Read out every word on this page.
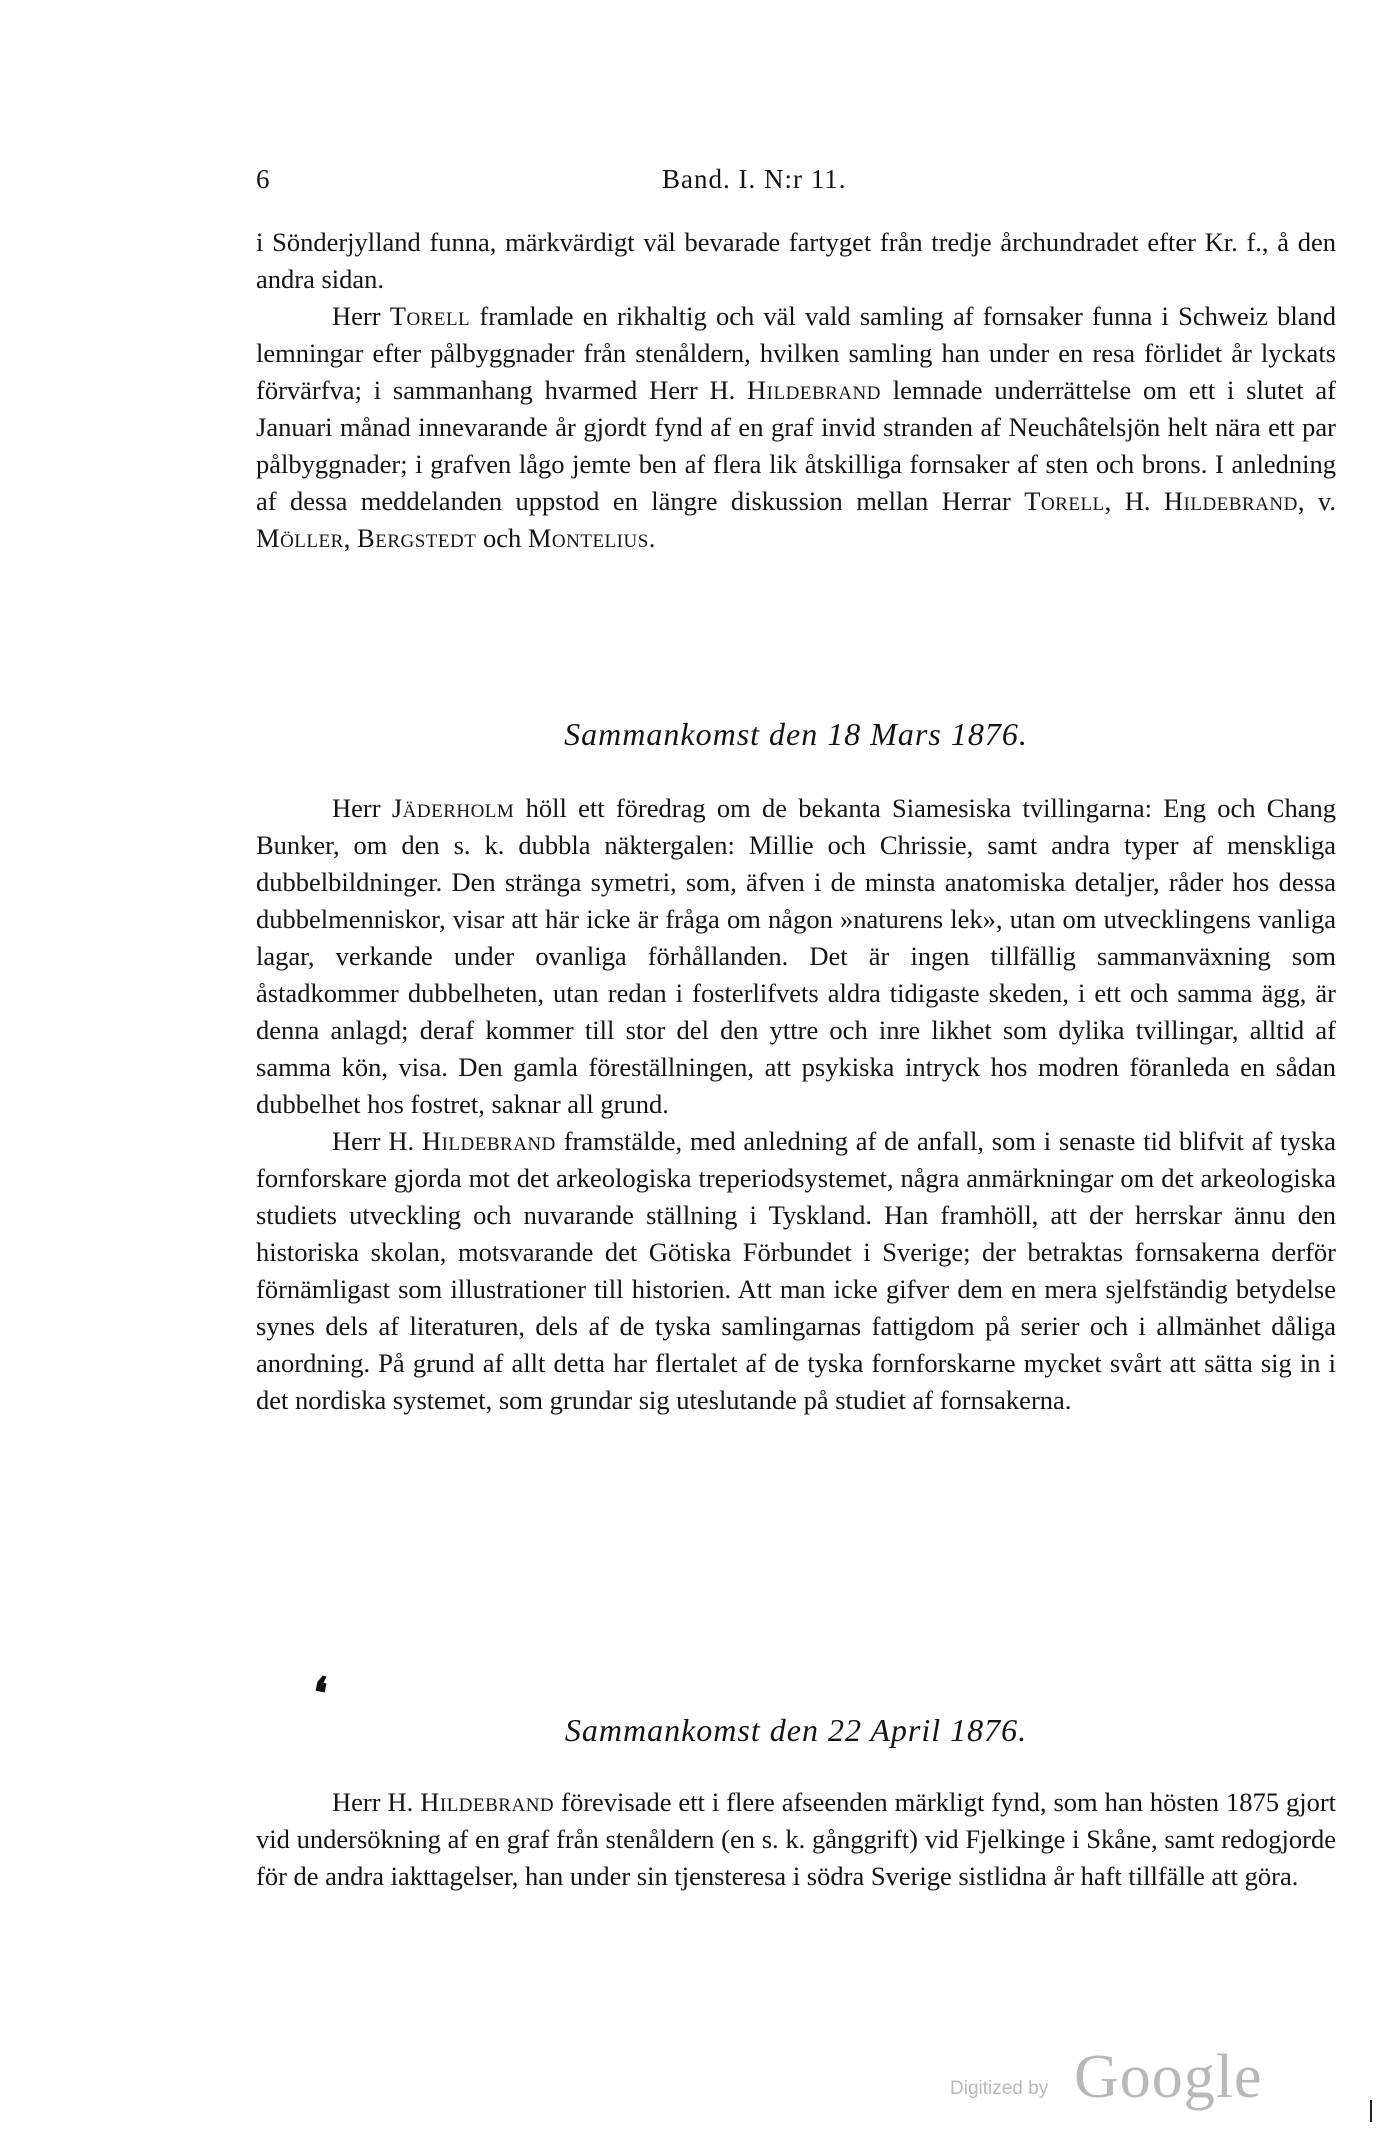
6	Band. I. N:r 11.

i Sönderjylland funna, märkvärdigt väl bevarade fartyget från tredje årchundradet efter Kr. f., å den andra sidan.

Herr Torell framlade en rikhaltig och väl vald samling af fornsaker funna i Schweiz bland lemningar efter pålbyggnader från stenåldern, hvilken samling han under en resa förlidet år lyckats förvärfva; i sammanhang hvarmed Herr H. Hildebrand lemnade underrättelse om ett i slutet af Januari månad innevarande år gjordt fynd af en graf invid stranden af Neuchâtelsjön helt nära ett par pålbyggnader; i grafven lågo jemte ben af flera lik åtskilliga fornsaker af sten och brons. I anledning af dessa meddelanden uppstod en längre diskussion mellan Herrar Torell, H. Hildebrand, v. Möller, Bergstedt och Montelius.

Sammankomst den 18 Mars 1876.

Herr Jäderholm höll ett föredrag om de bekanta Siamesiska tvillingarna: Eng och Chang Bunker, om den s. k. dubbla näktergalen: Millie och Chrissie, samt andra typer af menskliga dubbelbildninger. Den stränga symetri, som, äfven i de minsta anatomiska detaljer, råder hos dessa dubbelmenniskor, visar att här icke är fråga om någon »naturens lek», utan om utvecklingens vanliga lagar, verkande under ovanliga förhållanden. Det är ingen tillfällig sammanväxning som åstadkommer dubbelheten, utan redan i fosterlifvets aldra tidigaste skeden, i ett och samma ägg, är denna anlagd; deraf kommer till stor del den yttre och inre likhet som dylika tvillingar, alltid af samma kön, visa. Den gamla föreställningen, att psykiska intryck hos modren föranleda en sådan dubbelhet hos fostret, saknar all grund.

Herr H. Hildebrand framstälde, med anledning af de anfall, som i senaste tid blifvit af tyska fornforskare gjorda mot det arkeologiska treperiodsystemet, några anmärkningar om det arkeologiska studiets utveckling och nuvarande ställning i Tyskland. Han framhöll, att der herrskar ännu den historiska skolan, motsvarande det Götiska Förbundet i Sverige; der betraktas fornsakerna derför förnämligast som illustrationer till historien. Att man icke gifver dem en mera sjelfständig betydelse synes dels af literaturen, dels af de tyska samlingarnas fattigdom på serier och i allmänhet dåliga anordning. På grund af allt detta har flertalet af de tyska fornforskarne mycket svårt att sätta sig in i det nordiska systemet, som grundar sig uteslutande på studiet af fornsakerna.

❛
Sammankomst den 22 April 1876.

Herr H. Hildebrand förevisade ett i flere afseenden märkligt fynd, som han hösten 1875 gjort vid undersökning af en graf från stenåldern (en s. k. gånggrift) vid Fjelkinge i Skåne, samt redogjorde för de andra iakttagelser, han under sin tjensteresa i södra Sverige sistlidna år haft tillfälle att göra.

Digitized by Google
